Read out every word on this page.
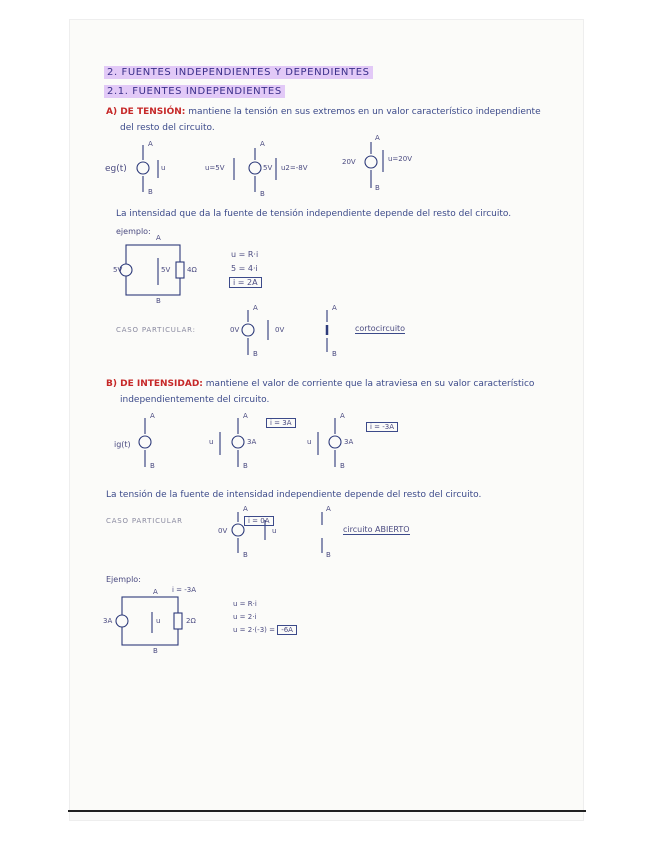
2. FUENTES INDEPENDIENTES Y DEPENDIENTES
2.1. FUENTES INDEPENDIENTES
A) DE TENSIÓN: mantiene la tensión en sus extremos en un valor característico independiente
del resto del circuito.
eg(t)
A
B
u	u=5V	5V u2=-8V
A
B
20V	u=20V
A
B
La intensidad que da la fuente de tensión independiente depende del resto del circuito.
ejemplo:
5V	5V 4Ω
A
B
u = R·i
5 = 4·i
i = 2A
CASO PARTICULAR:	0V	0V
A
B
A
B
cortocircuito
B) DE INTENSIDAD: mantiene el valor de corriente que la atraviesa en su valor característico
independientemente del circuito.
ig(t)
A
B
3A
i = 3A
u
A
B
3A
i = -3A
u
A
B
La tensión de la fuente de intensidad independiente depende del resto del circuito.
CASO PARTICULAR
0V
i = 0A
A
B
u
A
B
circuito ABIERTO
Ejemplo:
i = -3A
3A	2Ω
u
A
B
u = R·i
u = 2·i
u = 2·(-3) = -6A
